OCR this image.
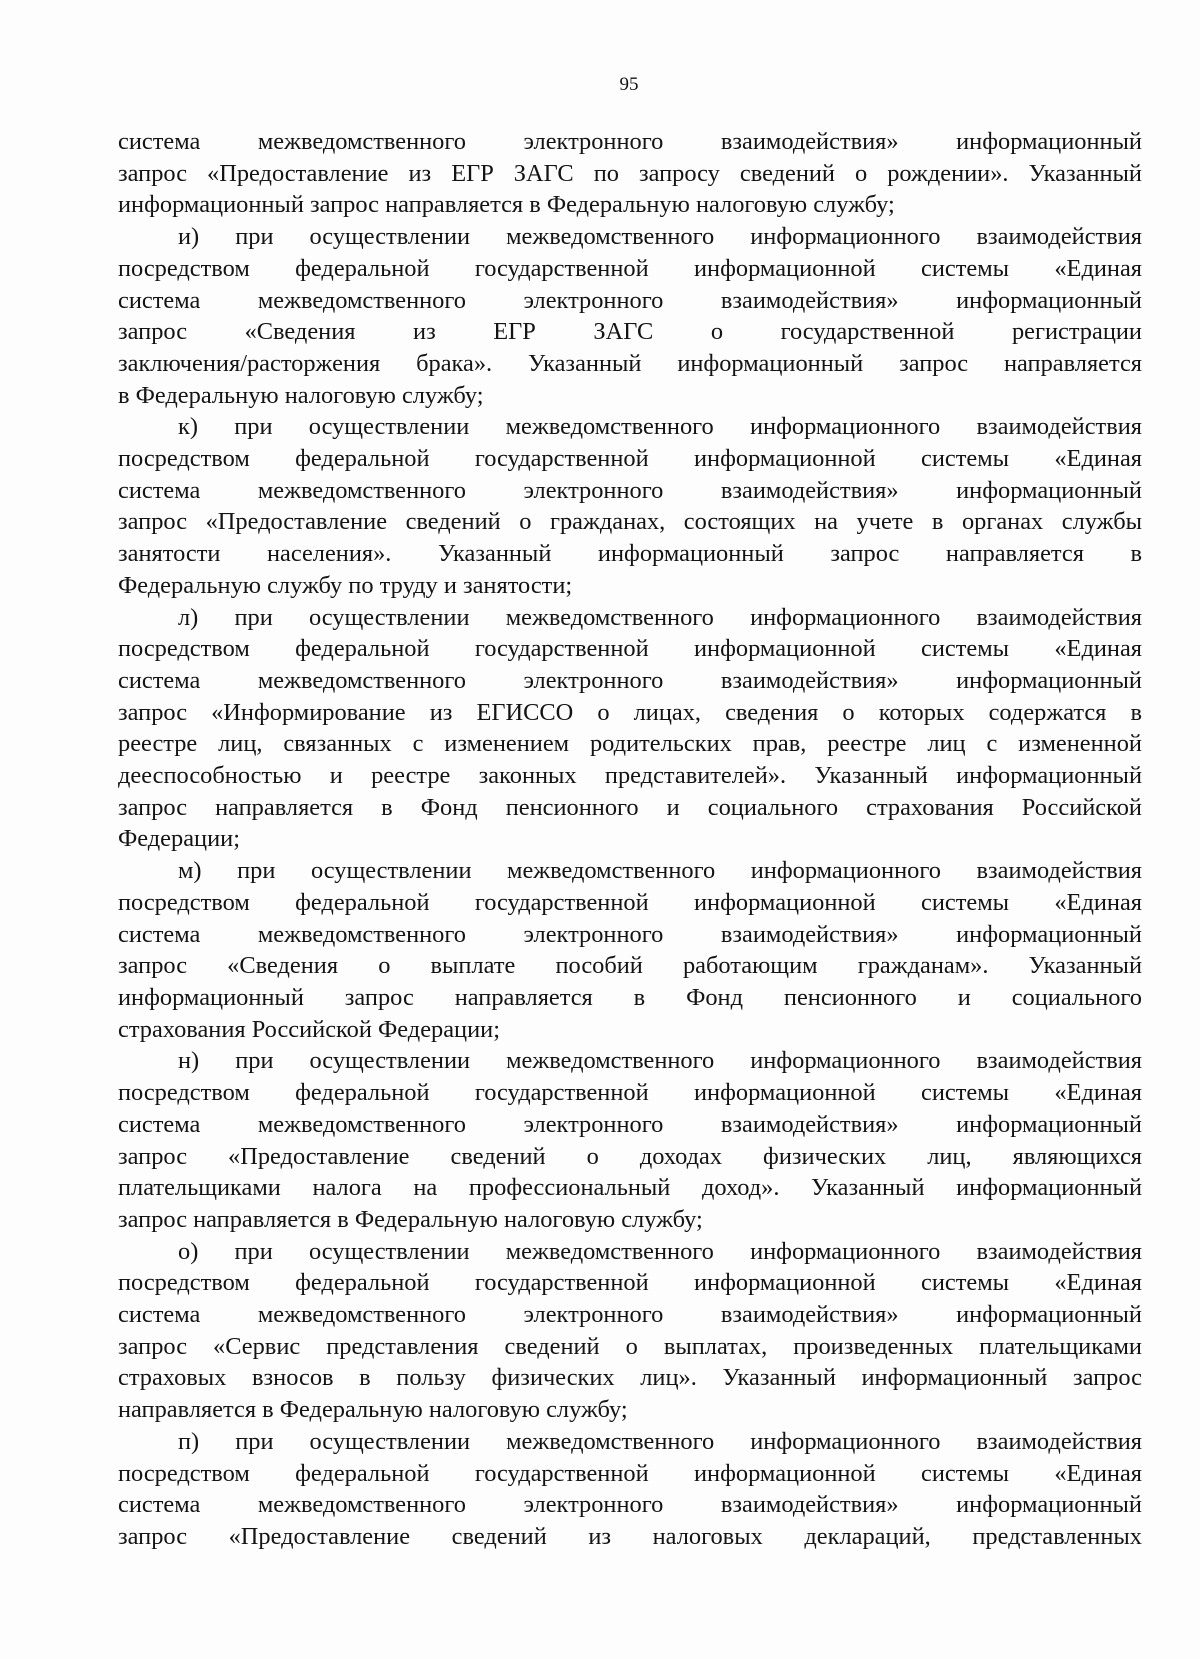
95
система межведомственного электронного взаимодействия» информационный
запрос «Предоставление из ЕГР ЗАГС по запросу сведений о рождении». Указанный
информационный запрос направляется в Федеральную налоговую службу;
и) при осуществлении межведомственного информационного взаимодействия
посредством федеральной государственной информационной системы «Единая
система межведомственного электронного взаимодействия» информационный
запрос «Сведения из ЕГР ЗАГС о государственной регистрации
заключения/расторжения брака». Указанный информационный запрос направляется
в Федеральную налоговую службу;
к) при осуществлении межведомственного информационного взаимодействия
посредством федеральной государственной информационной системы «Единая
система межведомственного электронного взаимодействия» информационный
запрос «Предоставление сведений о гражданах, состоящих на учете в органах службы
занятости населения». Указанный информационный запрос направляется в
Федеральную службу по труду и занятости;
л) при осуществлении межведомственного информационного взаимодействия
посредством федеральной государственной информационной системы «Единая
система межведомственного электронного взаимодействия» информационный
запрос «Информирование из ЕГИССО о лицах, сведения о которых содержатся в
реестре лиц, связанных с изменением родительских прав, реестре лиц с измененной
дееспособностью и реестре законных представителей». Указанный информационный
запрос направляется в Фонд пенсионного и социального страхования Российской
Федерации;
м) при осуществлении межведомственного информационного взаимодействия
посредством федеральной государственной информационной системы «Единая
система межведомственного электронного взаимодействия» информационный
запрос «Сведения о выплате пособий работающим гражданам». Указанный
информационный запрос направляется в Фонд пенсионного и социального
страхования Российской Федерации;
н) при осуществлении межведомственного информационного взаимодействия
посредством федеральной государственной информационной системы «Единая
система межведомственного электронного взаимодействия» информационный
запрос «Предоставление сведений о доходах физических лиц, являющихся
плательщиками налога на профессиональный доход». Указанный информационный
запрос направляется в Федеральную налоговую службу;
о) при осуществлении межведомственного информационного взаимодействия
посредством федеральной государственной информационной системы «Единая
система межведомственного электронного взаимодействия» информационный
запрос «Сервис представления сведений о выплатах, произведенных плательщиками
страховых взносов в пользу физических лиц». Указанный информационный запрос
направляется в Федеральную налоговую службу;
п) при осуществлении межведомственного информационного взаимодействия
посредством федеральной государственной информационной системы «Единая
система межведомственного электронного взаимодействия» информационный
запрос «Предоставление сведений из налоговых деклараций, представленных
